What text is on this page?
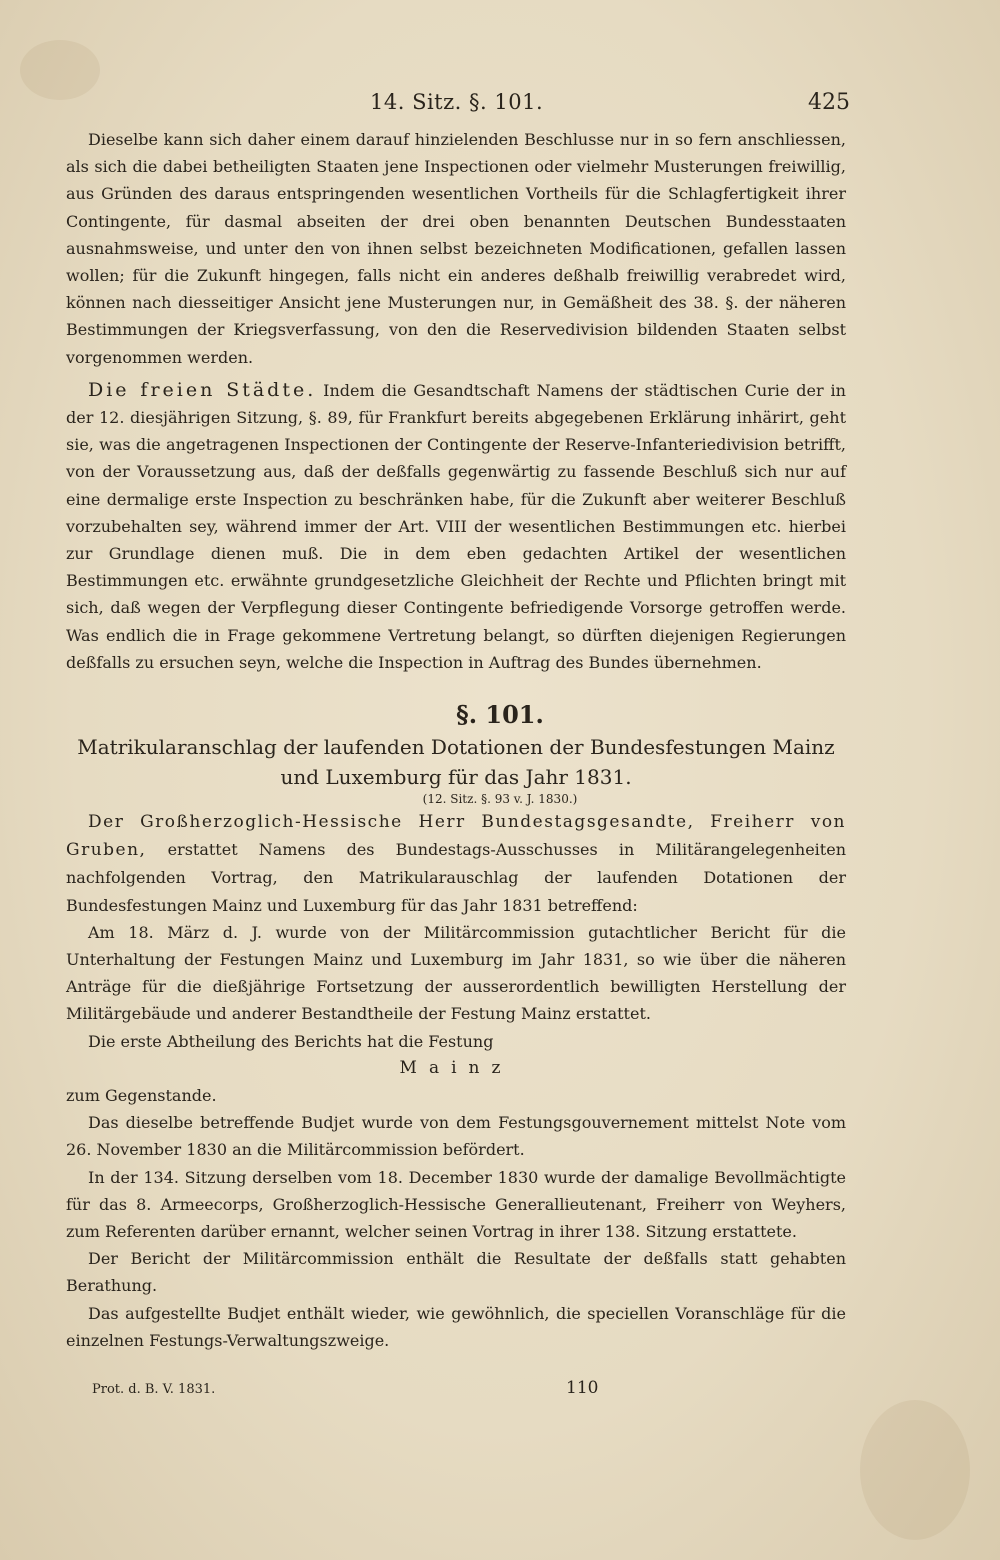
14. Sitz. §. 101.	425

Dieselbe kann sich daher einem darauf hinzielenden Beschlusse nur in so fern anschliessen, als sich die dabei betheiligten Staaten jene Inspectionen oder vielmehr Musterungen freiwillig, aus Gründen des daraus entspringenden wesentlichen Vortheils für die Schlagfertigkeit ihrer Contingente, für dasmal abseiten der drei oben benannten Deutschen Bundesstaaten ausnahmsweise, und unter den von ihnen selbst bezeichneten Modificationen, gefallen lassen wollen; für die Zukunft hingegen, falls nicht ein anderes deßhalb freiwillig verabredet wird, können nach diesseitiger Ansicht jene Musterungen nur, in Gemäßheit des 38. §. der näheren Bestimmungen der Kriegsverfassung, von den die Reservedivision bildenden Staaten selbst vorgenommen werden.

Die freien Städte. Indem die Gesandtschaft Namens der städtischen Curie der in der 12. diesjährigen Sitzung, §. 89, für Frankfurt bereits abgegebenen Erklärung inhärirt, geht sie, was die angetragenen Inspectionen der Contingente der Reserve-Infanteriedivision betrifft, von der Voraussetzung aus, daß der deßfalls gegenwärtig zu fassende Beschluß sich nur auf eine dermalige erste Inspection zu beschränken habe, für die Zukunft aber weiterer Beschluß vorzubehalten sey, während immer der Art. VIII der wesentlichen Bestimmungen etc. hierbei zur Grundlage dienen muß. Die in dem eben gedachten Artikel der wesentlichen Bestimmungen etc. erwähnte grundgesetzliche Gleichheit der Rechte und Pflichten bringt mit sich, daß wegen der Verpflegung dieser Contingente befriedigende Vorsorge getroffen werde. Was endlich die in Frage gekommene Vertretung belangt, so dürften diejenigen Regierungen deßfalls zu ersuchen seyn, welche die Inspection in Auftrag des Bundes übernehmen.

§. 101.
Matrikularanschlag der laufenden Dotationen der Bundesfestungen Mainz und Luxemburg für das Jahr 1831.
(12. Sitz. §. 93 v. J. 1830.)

Der Großherzoglich-Hessische Herr Bundestagsgesandte, Freiherr von Gruben, erstattet Namens des Bundestags-Ausschusses in Militärangelegenheiten nachfolgenden Vortrag, den Matrikularauschlag der laufenden Dotationen der Bundesfestungen Mainz und Luxemburg für das Jahr 1831 betreffend:

Am 18. März d. J. wurde von der Militärcommission gutachtlicher Bericht für die Unterhaltung der Festungen Mainz und Luxemburg im Jahr 1831, so wie über die näheren Anträge für die dießjährige Fortsetzung der ausserordentlich bewilligten Herstellung der Militärgebäude und anderer Bestandtheile der Festung Mainz erstattet.

Die erste Abtheilung des Berichts hat die Festung

Mainz

zum Gegenstande.

Das dieselbe betreffende Budjet wurde von dem Festungsgouvernement mittelst Note vom 26. November 1830 an die Militärcommission befördert.

In der 134. Sitzung derselben vom 18. December 1830 wurde der damalige Bevollmächtigte für das 8. Armeecorps, Großherzoglich-Hessische Generallieutenant, Freiherr von Weyhers, zum Referenten darüber ernannt, welcher seinen Vortrag in ihrer 138. Sitzung erstattete.

Der Bericht der Militärcommission enthält die Resultate der deßfalls statt gehabten Berathung.

Das aufgestellte Budjet enthält wieder, wie gewöhnlich, die speciellen Voranschläge für die einzelnen Festungs-Verwaltungszweige.

Prot. d. B. V. 1831.	110
